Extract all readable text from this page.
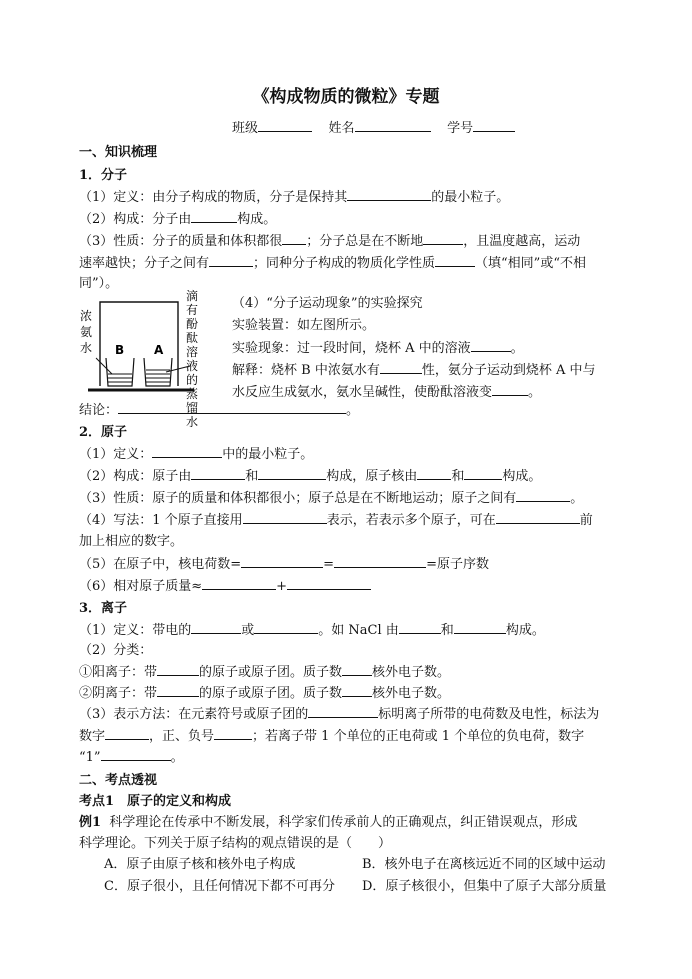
《构成物质的微粒》专题
班级	姓名	学号
一、知识梳理
1．分子
（1）定义：由分子构成的物质，分子是保持其	的最小粒子。
（2）构成：分子由	构成。
（3）性质：分子的质量和体积都很 ；分子总是在不断地	，且温度越高，运动
速率越快；分子之间有	；同种分子构成的物质化学性质	（填“相同”或“不相
同”）。
浓氨水
滴有酚酞溶液的蒸馏水
B A
（4）“分子运动现象”的实验探究
实验装置：如左图所示。
实验现象：过一段时间，烧杯 A 中的溶液	。
解释：烧杯 B 中浓氨水有	性，氨分子运动到烧杯 A 中与
水反应生成氨水，氨水呈碱性，使酚酞溶液变	。
结论：	。
2．原子
（1）定义：	中的最小粒子。
（2）构成：原子由	和	构成，原子核由	和	构成。
（3）性质：原子的质量和体积都很小；原子总是在不断地运动；原子之间有	。
（4）写法：1 个原子直接用	表示，若表示多个原子，可在	前
加上相应的数字。
（5）在原子中，核电荷数=	=	=原子序数
（6）相对原子质量≈	+
3．离子
（1）定义：带电的	或	。如 NaCl 由	和	构成。
（2）分类：
①阳离子：带	的原子或原子团。质子数 核外电子数。
②阴离子：带	的原子或原子团。质子数 核外电子数。
（3）表示方法：在元素符号或原子团的	标明离子所带的电荷数及电性，标法为
数字	，正、负号	；若离子带 1 个单位的正电荷或 1 个单位的负电荷，数字
“1”	。
二、考点透视
考点1　原子的定义和构成
例1 科学理论在传承中不断发展，科学家们传承前人的正确观点，纠正错误观点，形成
科学理论。下列关于原子结构的观点错误的是（　　）
A．原子由原子核和核外电子构成	B．核外电子在离核远近不同的区域中运动
C．原子很小，且任何情况下都不可再分 D．原子核很小，但集中了原子大部分质量
